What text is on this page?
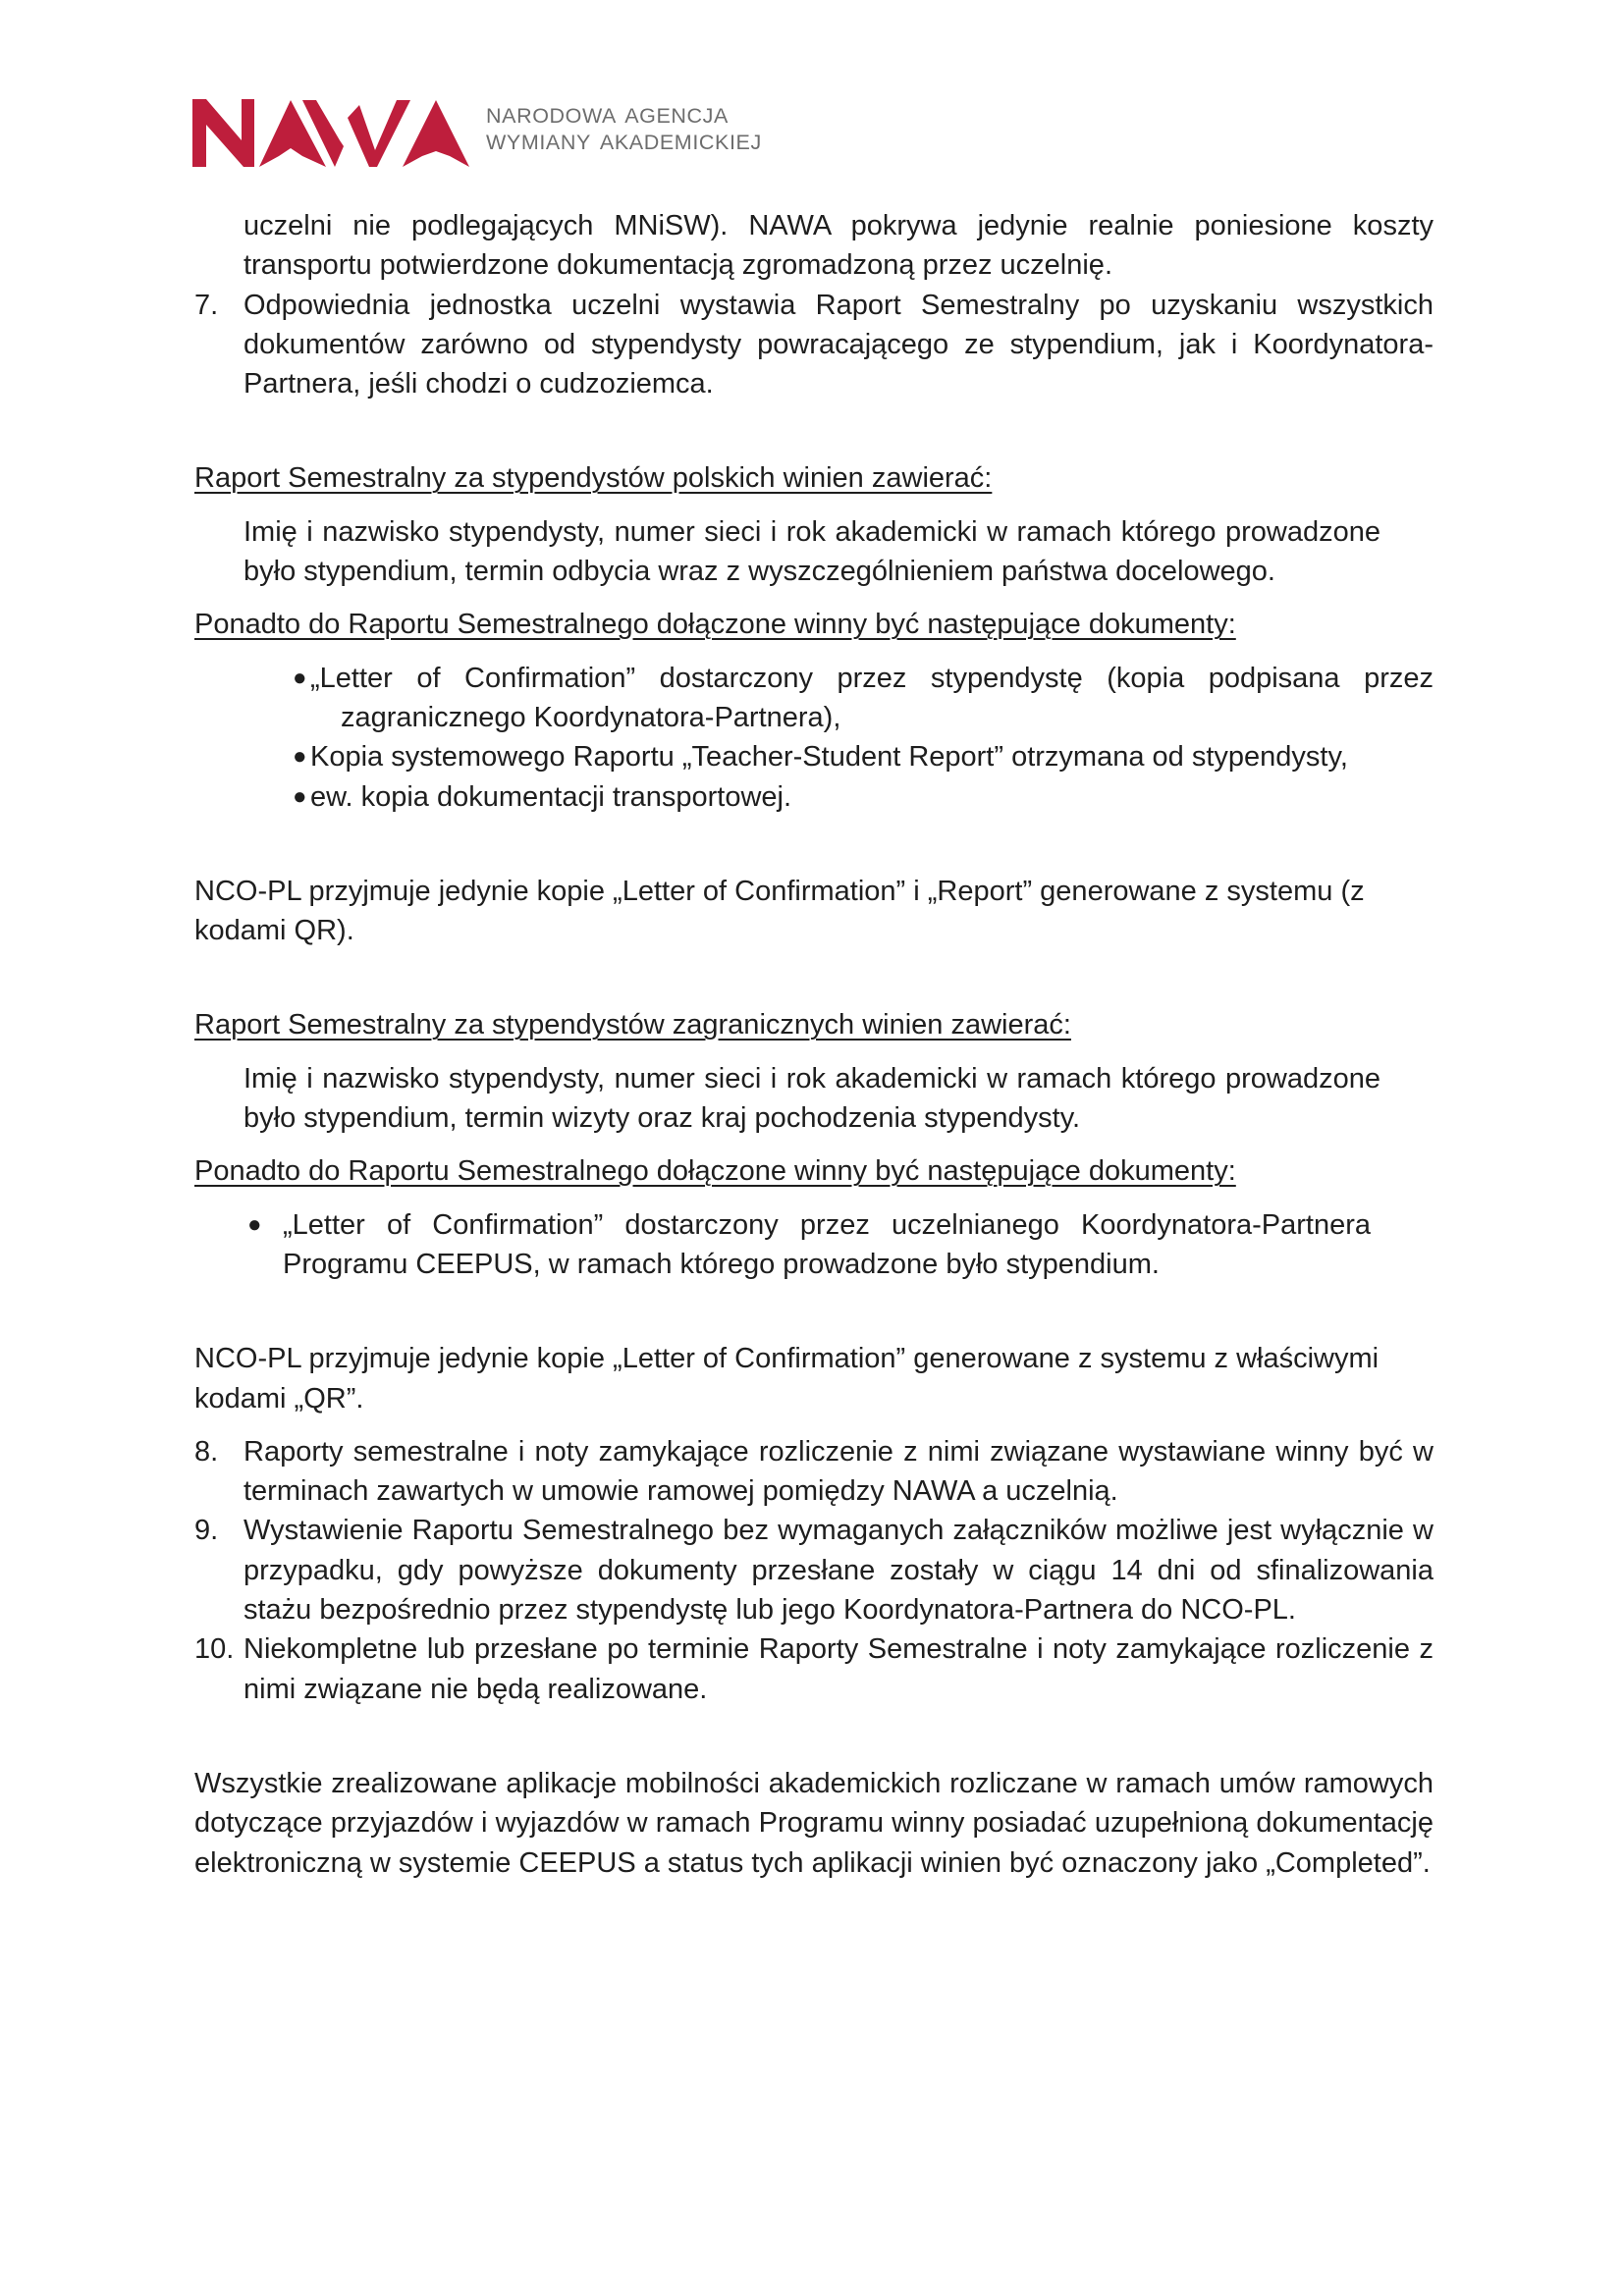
NARODOWA AGENCJA
WYMIANY AKADEMICKIEJ

uczelni nie podlegających MNiSW). NAWA pokrywa jedynie realnie poniesione koszty transportu potwierdzone dokumentacją zgromadzoną przez uczelnię.

7. Odpowiednia jednostka uczelni wystawia Raport Semestralny po uzyskaniu wszystkich dokumentów zarówno od stypendysty powracającego ze stypendium, jak i Koordynatora-Partnera, jeśli chodzi o cudzoziemca.

Raport Semestralny za stypendystów polskich winien zawierać:

Imię i nazwisko stypendysty, numer sieci i rok akademicki w ramach którego prowadzone było stypendium, termin odbycia wraz z wyszczególnieniem państwa docelowego.

Ponadto do Raportu Semestralnego dołączone winny być następujące dokumenty:

● „Letter of Confirmation” dostarczony przez stypendystę (kopia podpisana przez zagranicznego Koordynatora-Partnera),
● Kopia systemowego Raportu „Teacher-Student Report” otrzymana od stypendysty,
● ew. kopia dokumentacji transportowej.

NCO-PL przyjmuje jedynie kopie „Letter of Confirmation” i „Report” generowane z systemu (z kodami QR).

Raport Semestralny za stypendystów zagranicznych winien zawierać:

Imię i nazwisko stypendysty, numer sieci i rok akademicki w ramach którego prowadzone było stypendium, termin wizyty oraz kraj pochodzenia stypendysty.

Ponadto do Raportu Semestralnego dołączone winny być następujące dokumenty:

● „Letter of Confirmation” dostarczony przez uczelnianego Koordynatora-Partnera Programu CEEPUS, w ramach którego prowadzone było stypendium.

NCO-PL przyjmuje jedynie kopie „Letter of Confirmation” generowane z systemu z właściwymi kodami „QR”.

8. Raporty semestralne i noty zamykające rozliczenie z nimi związane wystawiane winny być w terminach zawartych w umowie ramowej pomiędzy NAWA a uczelnią.
9. Wystawienie Raportu Semestralnego bez wymaganych załączników możliwe jest wyłącznie w przypadku, gdy powyższe dokumenty przesłane zostały w ciągu 14 dni od sfinalizowania stażu bezpośrednio przez stypendystę lub jego Koordynatora-Partnera do NCO-PL.
10. Niekompletne lub przesłane po terminie Raporty Semestralne i noty zamykające rozliczenie z nimi związane nie będą realizowane.

Wszystkie zrealizowane aplikacje mobilności akademickich rozliczane w ramach umów ramowych dotyczące przyjazdów i wyjazdów w ramach Programu winny posiadać uzupełnioną dokumentację elektroniczną w systemie CEEPUS a status tych aplikacji winien być oznaczony jako „Completed”.
